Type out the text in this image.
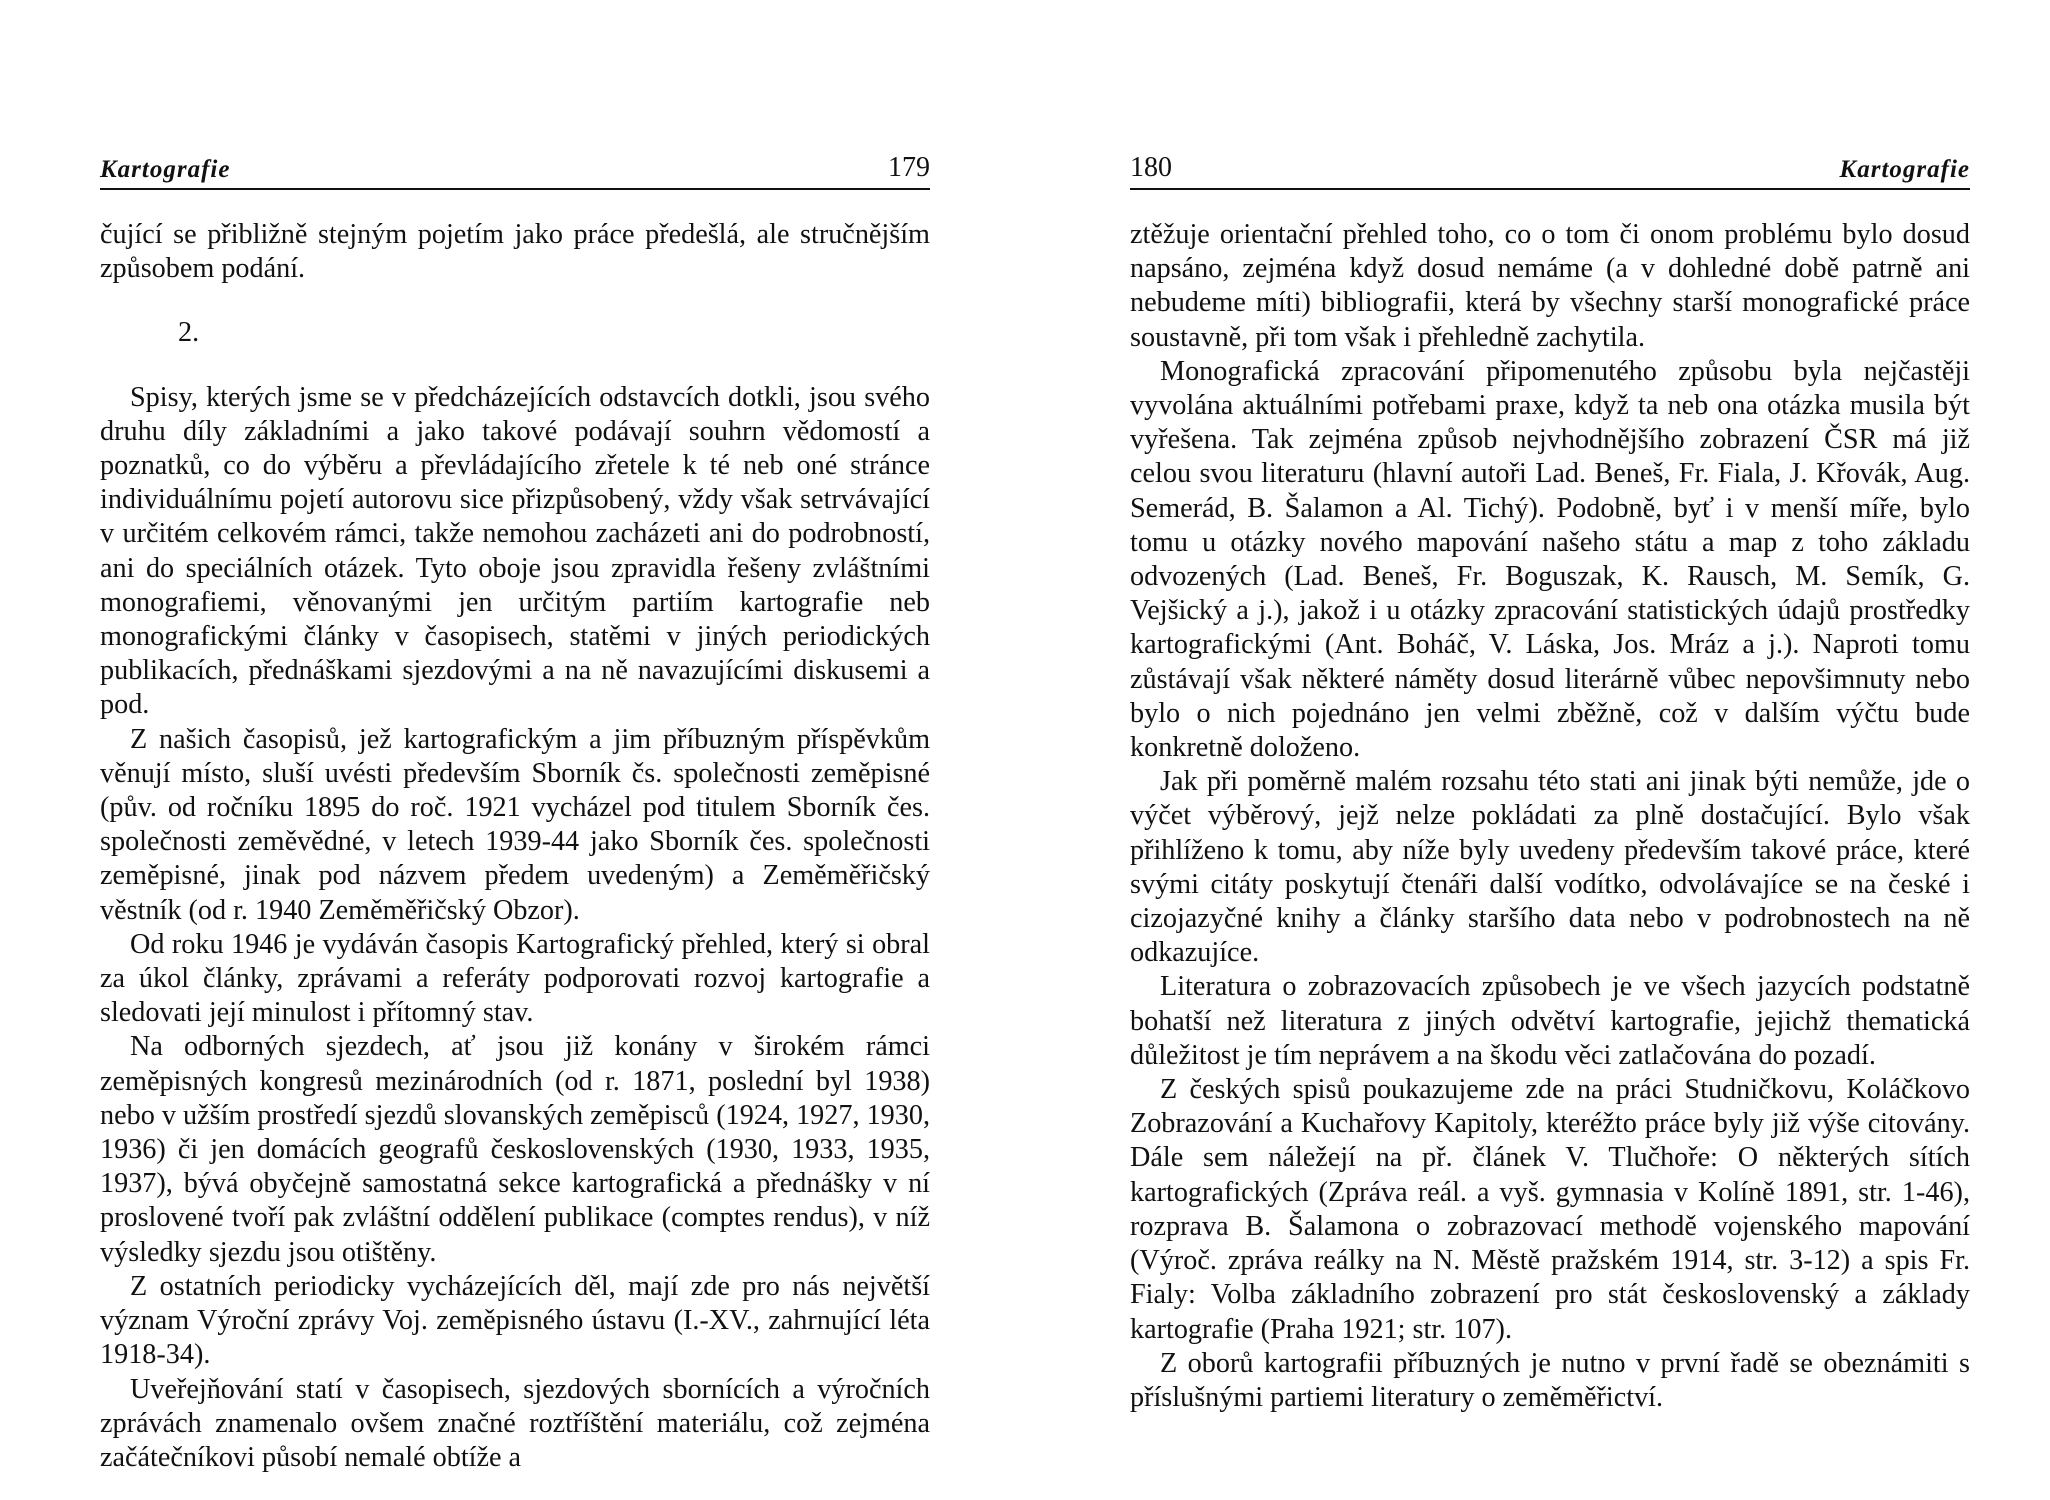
Kartografie	179

čující se přibližně stejným pojetím jako práce předešlá, ale stručnějším způsobem podání.

2.

Spisy, kterých jsme se v předcházejících odstavcích dotkli, jsou svého druhu díly základními a jako takové podávají souhrn vědomostí a poznatků, co do výběru a převládajícího zřetele k té neb oné stránce individuálnímu pojetí autorovu sice přizpůsobený, vždy však setrvávající v určitém celkovém rámci, takže nemohou zacházeti ani do podrobností, ani do speciálních otázek. Tyto oboje jsou zpravidla řešeny zvláštními monografiemi, věnovanými jen určitým partiím kartografie neb monografickými články v časopisech, statěmi v jiných periodických publikacích, přednáškami sjezdovými a na ně navazujícími diskusemi a pod.

Z našich časopisů, jež kartografickým a jim příbuzným příspěvkům věnují místo, sluší uvésti především Sborník čs. společnosti zeměpisné (pův. od ročníku 1895 do roč. 1921 vycházel pod titulem Sborník čes. společnosti zeměvědné, v letech 1939-44 jako Sborník čes. společnosti zeměpisné, jinak pod názvem předem uvedeným) a Zeměměřičský věstník (od r. 1940 Zeměměřičský Obzor).

Od roku 1946 je vydáván časopis Kartografický přehled, který si obral za úkol články, zprávami a referáty podporovati rozvoj kartografie a sledovati její minulost i přítomný stav.

Na odborných sjezdech, ať jsou již konány v širokém rámci zeměpisných kongresů mezinárodních (od r. 1871, poslední byl 1938) nebo v užším prostředí sjezdů slovanských zeměpisců (1924, 1927, 1930, 1936) či jen domácích geografů československých (1930, 1933, 1935, 1937), bývá obyčejně samostatná sekce kartografická a přednášky v ní proslovené tvoří pak zvláštní oddělení publikace (comptes rendus), v níž výsledky sjezdu jsou otištěny.

Z ostatních periodicky vycházejících děl, mají zde pro nás největší význam Výroční zprávy Voj. zeměpisného ústavu (I.-XV., zahrnující léta 1918-34).

Uveřejňování statí v časopisech, sjezdových sbornících a výročních zprávách znamenalo ovšem značné roztříštění materiálu, což zejména začátečníkovi působí nemalé obtíže a

180	Kartografie

ztěžuje orientační přehled toho, co o tom či onom problému bylo dosud napsáno, zejména když dosud nemáme (a v dohledné době patrně ani nebudeme míti) bibliografii, která by všechny starší monografické práce soustavně, při tom však i přehledně zachytila.

Monografická zpracování připomenutého způsobu byla nejčastěji vyvolána aktuálními potřebami praxe, když ta neb ona otázka musila být vyřešena. Tak zejména způsob nejvhodnějšího zobrazení ČSR má již celou svou literaturu (hlavní autoři Lad. Beneš, Fr. Fiala, J. Křovák, Aug. Semerád, B. Šalamon a Al. Tichý). Podobně, byť i v menší míře, bylo tomu u otázky nového mapování našeho státu a map z toho základu odvozených (Lad. Beneš, Fr. Boguszak, K. Rausch, M. Semík, G. Vejšický a j.), jakož i u otázky zpracování statistických údajů prostředky kartografickými (Ant. Boháč, V. Láska, Jos. Mráz a j.). Naproti tomu zůstávají však některé náměty dosud literárně vůbec nepovšimnuty nebo bylo o nich pojednáno jen velmi zběžně, což v dalším výčtu bude konkretně doloženo.

Jak při poměrně malém rozsahu této stati ani jinak býti nemůže, jde o výčet výběrový, jejž nelze pokládati za plně dostačující. Bylo však přihlíženo k tomu, aby níže byly uvedeny především takové práce, které svými citáty poskytují čtenáři další vodítko, odvolávajíce se na české i cizojazyčné knihy a články staršího data nebo v podrobnostech na ně odkazujíce.

Literatura o zobrazovacích způsobech je ve všech jazycích podstatně bohatší než literatura z jiných odvětví kartografie, jejichž thematická důležitost je tím neprávem a na škodu věci zatlačována do pozadí.

Z českých spisů poukazujeme zde na práci Studničkovu, Koláčkovo Zobrazování a Kuchařovy Kapitoly, kteréžto práce byly již výše citovány. Dále sem náležejí na př. článek V. Tlučhoře: O některých sítích kartografických (Zpráva reál. a vyš. gymnasia v Kolíně 1891, str. 1-46), rozprava B. Šalamona o zobrazovací methodě vojenského mapování (Výroč. zpráva reálky na N. Městě pražském 1914, str. 3-12) a spis Fr. Fialy: Volba základního zobrazení pro stát československý a základy kartografie (Praha 1921; str. 107).

Z oborů kartografii příbuzných je nutno v první řadě se obeznámiti s příslušnými partiemi literatury o zeměměřictví.
